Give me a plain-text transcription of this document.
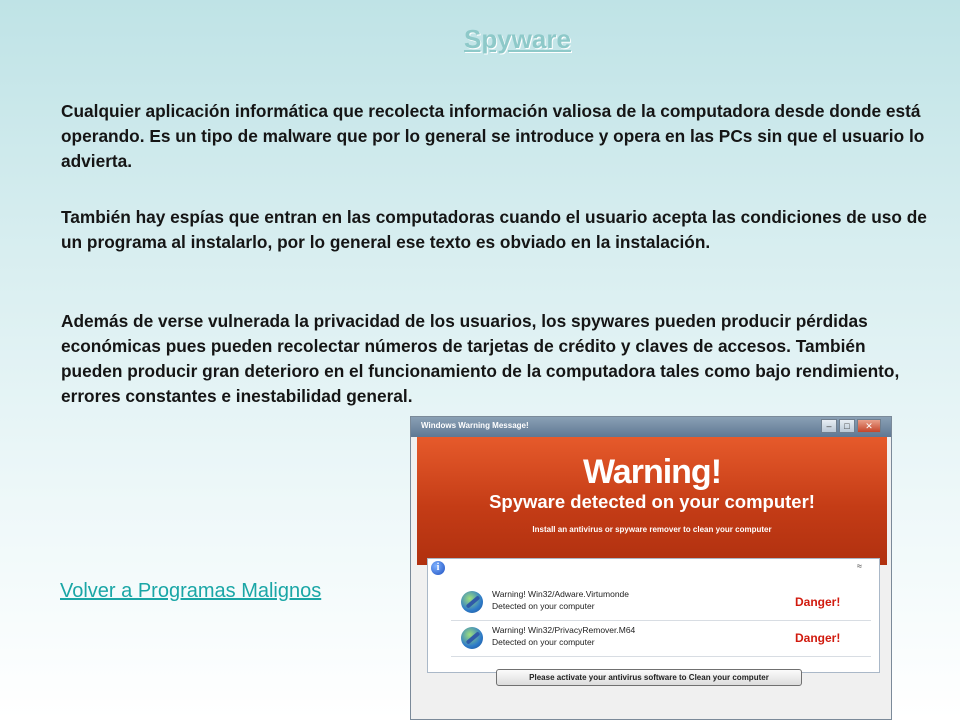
Spyware

Cualquier aplicación informática que recolecta información valiosa de la computadora desde donde está operando. Es un tipo de malware que por lo general se introduce y opera en las PCs sin que el usuario lo advierta.

También hay espías que entran en las computadoras cuando el usuario acepta las condiciones de uso de un programa al instalarlo, por lo general ese texto es obviado en la instalación.

Además de verse vulnerada la privacidad de los usuarios, los spywares pueden producir pérdidas económicas pues pueden recolectar números de tarjetas de crédito y claves de accesos. También pueden producir gran deterioro en el funcionamiento de la computadora tales como bajo rendimiento, errores constantes e inestabilidad general.

Volver a Programas Malignos
Windows Warning Message!	–	□	✕
Warning!
Spyware detected on your computer!
Install an antivirus or spyware remover to clean your computer
i	≈
Warning! Win32/Adware.Virtumonde
Detected on your computer	Danger!
Warning! Win32/PrivacyRemover.M64
Detected on your computer	Danger!
Please activate your antivirus software to Clean your computer
